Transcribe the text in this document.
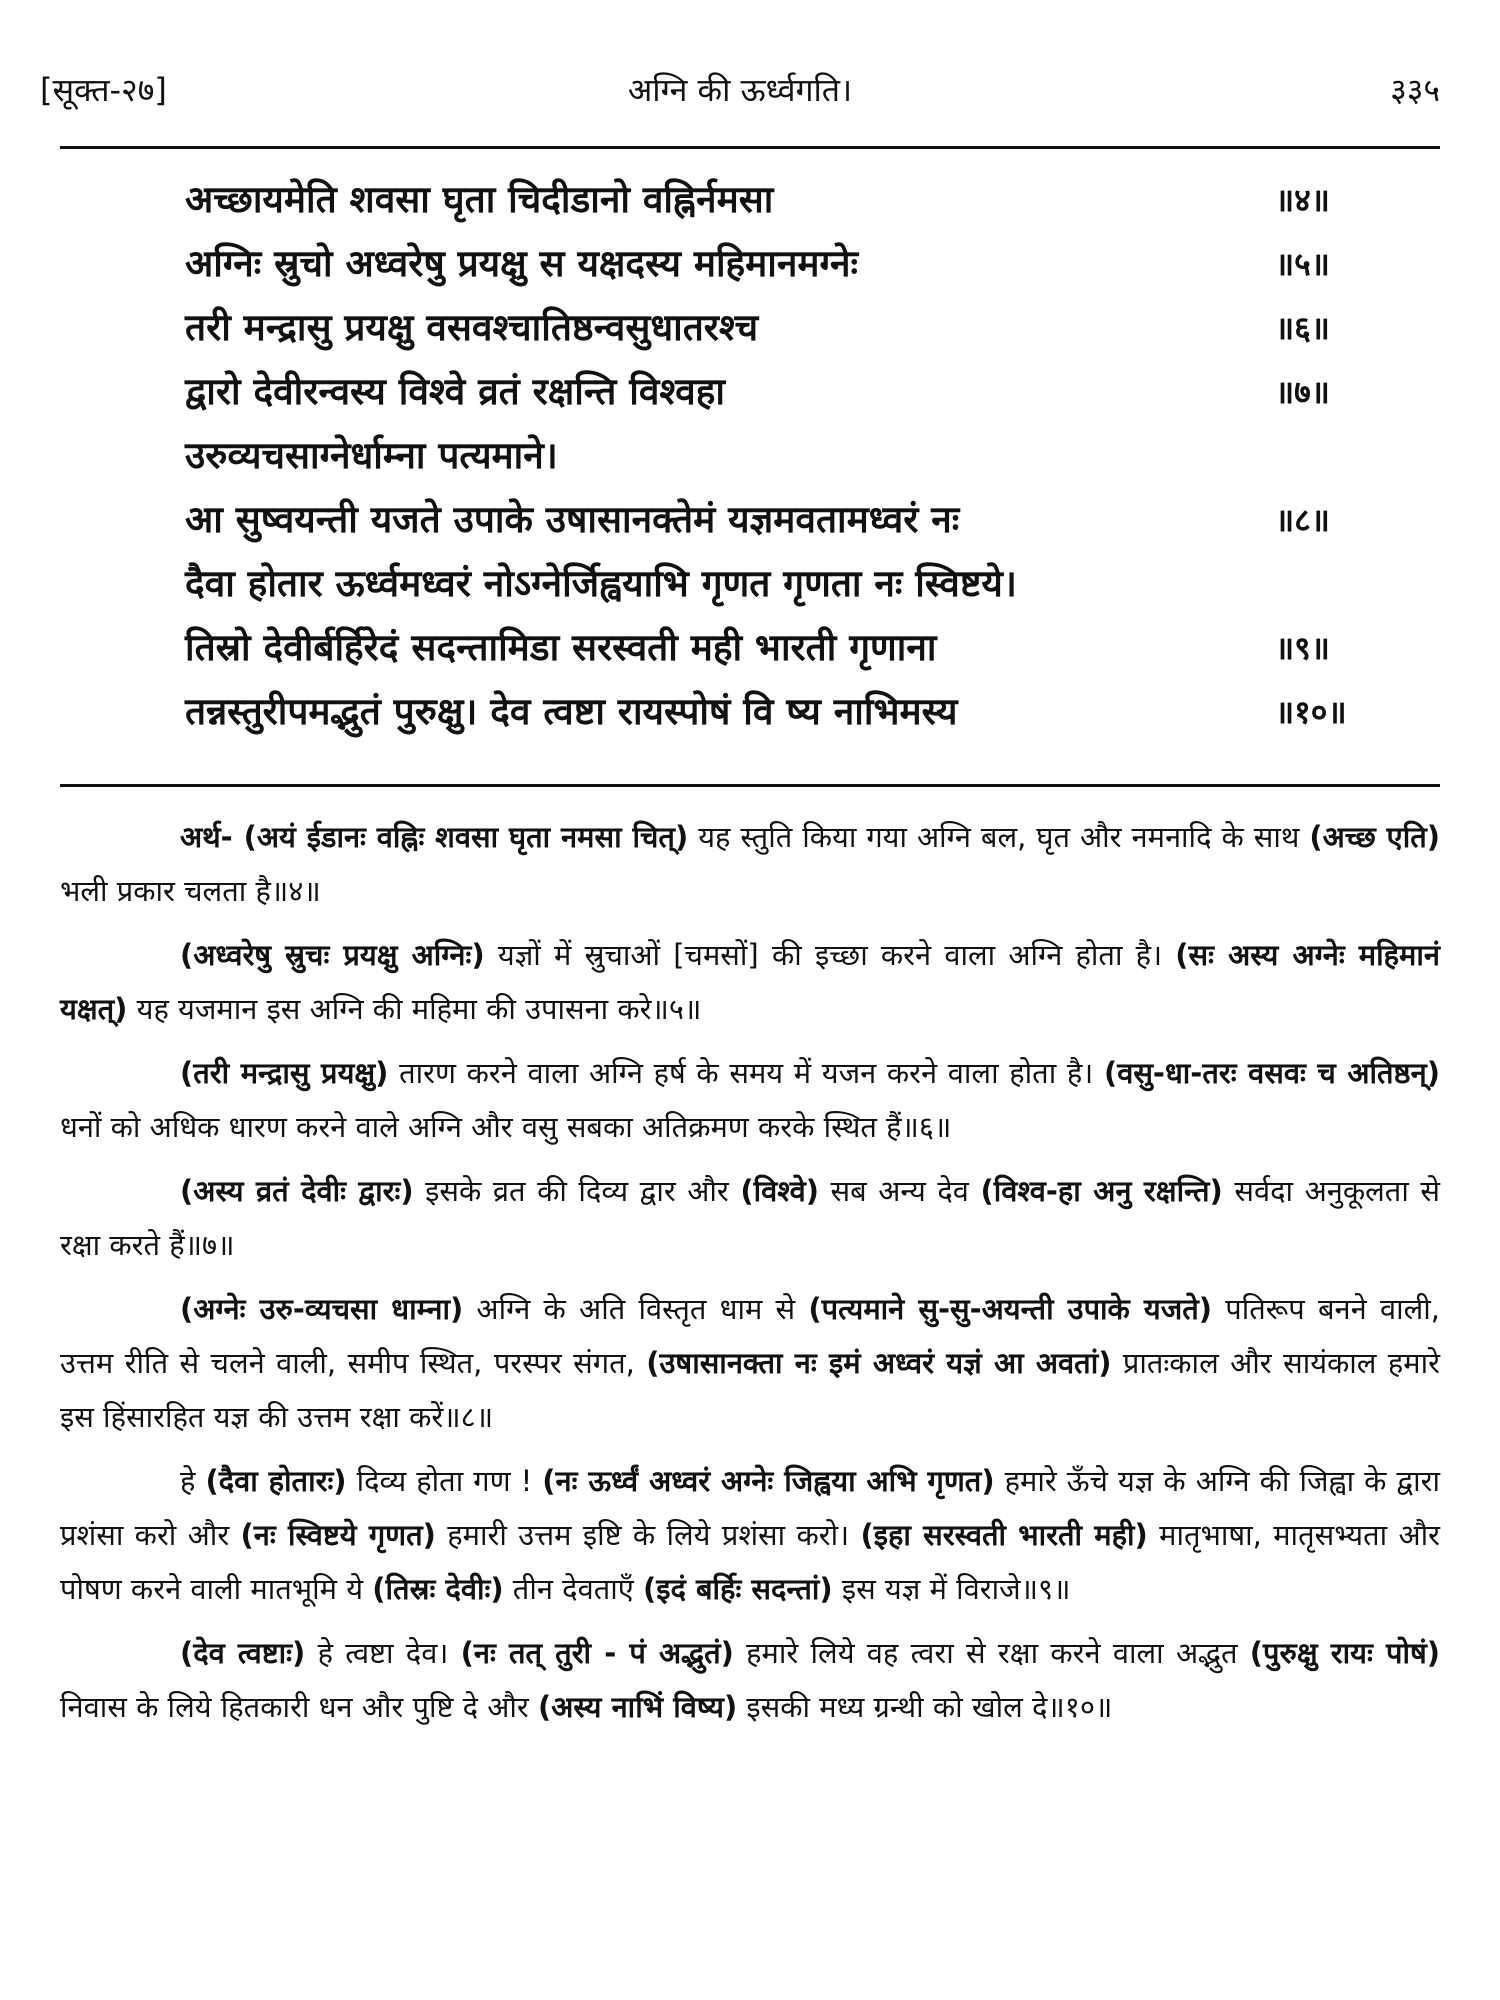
[सूक्त-२७]	अग्नि की ऊर्ध्वगति।	३३५
अच्छायमेति शवसा घृता चिदीडानो वह्निर्नमसा	॥४॥
अग्निः स्रुचो अध्वरेषु प्रयक्षु स यक्षदस्य महिमानमग्नेः	॥५॥
तरी मन्द्रासु प्रयक्षु वसवश्चातिष्ठन्वसुधातरश्च	॥६॥
द्वारो देवीरन्वस्य विश्वे व्रतं रक्षन्ति विश्वहा	॥७॥
उरुव्यचसाग्नेर्धाम्ना पत्यमाने।
आ सुष्वयन्ती यजते उपाके उषासानक्तेमं यज्ञमवतामध्वरं नः	॥८॥
दैवा होतार ऊर्ध्वमध्वरं नोऽग्नेर्जिह्वयाभि गृणत गृणता नः स्विष्टये।
तिस्रो देवीर्बर्हिरेदं सदन्तामिडा सरस्वती मही भारती गृणाना	॥९॥
तन्नस्तुरीपमद्भुतं पुरुक्षु। देव त्वष्टा रायस्पोषं वि ष्य नाभिमस्य	॥१०॥

अर्थ- (अयं ईडानः वह्निः शवसा घृता नमसा चित्) यह स्तुति किया गया अग्नि बल, घृत और नमनादि के साथ (अच्छ एति) भली प्रकार चलता है॥४॥

(अध्वरेषु स्रुचः प्रयक्षु अग्निः) यज्ञों में स्रुचाओं [चमसों] की इच्छा करने वाला अग्नि होता है। (सः अस्य अग्नेः महिमानं यक्षत्) यह यजमान इस अग्नि की महिमा की उपासना करे॥५॥

(तरी मन्द्रासु प्रयक्षु) तारण करने वाला अग्नि हर्ष के समय में यजन करने वाला होता है। (वसु-धा-तरः वसवः च अतिष्ठन्) धनों को अधिक धारण करने वाले अग्नि और वसु सबका अतिक्रमण करके स्थित हैं॥६॥

(अस्य व्रतं देवीः द्वारः) इसके व्रत की दिव्य द्वार और (विश्वे) सब अन्य देव (विश्व-हा अनु रक्षन्ति) सर्वदा अनुकूलता से रक्षा करते हैं॥७॥

(अग्नेः उरु-व्यचसा धाम्ना) अग्नि के अति विस्तृत धाम से (पत्यमाने सु-सु-अयन्ती उपाके यजते) पतिरूप बनने वाली, उत्तम रीति से चलने वाली, समीप स्थित, परस्पर संगत, (उषासानक्ता नः इमं अध्वरं यज्ञं आ अवतां) प्रातःकाल और सायंकाल हमारे इस हिंसारहित यज्ञ की उत्तम रक्षा करें॥८॥

हे (दैवा होतारः) दिव्य होता गण ! (नः ऊर्ध्वं अध्वरं अग्नेः जिह्वया अभि गृणत) हमारे ऊँचे यज्ञ के अग्नि की जिह्वा के द्वारा प्रशंसा करो और (नः स्विष्टये गृणत) हमारी उत्तम इष्टि के लिये प्रशंसा करो। (इहा सरस्वती भारती मही) मातृभाषा, मातृसभ्यता और पोषण करने वाली मातभूमि ये (तिस्रः देवीः) तीन देवताएँ (इदं बर्हिः सदन्तां) इस यज्ञ में विराजे॥९॥

(देव त्वष्टाः) हे त्वष्टा देव। (नः तत् तुरी - पं अद्भुतं) हमारे लिये वह त्वरा से रक्षा करने वाला अद्भुत (पुरुक्षु रायः पोषं) निवास के लिये हितकारी धन और पुष्टि दे और (अस्य नाभिं विष्य) इसकी मध्य ग्रन्थी को खोल दे॥१०॥
